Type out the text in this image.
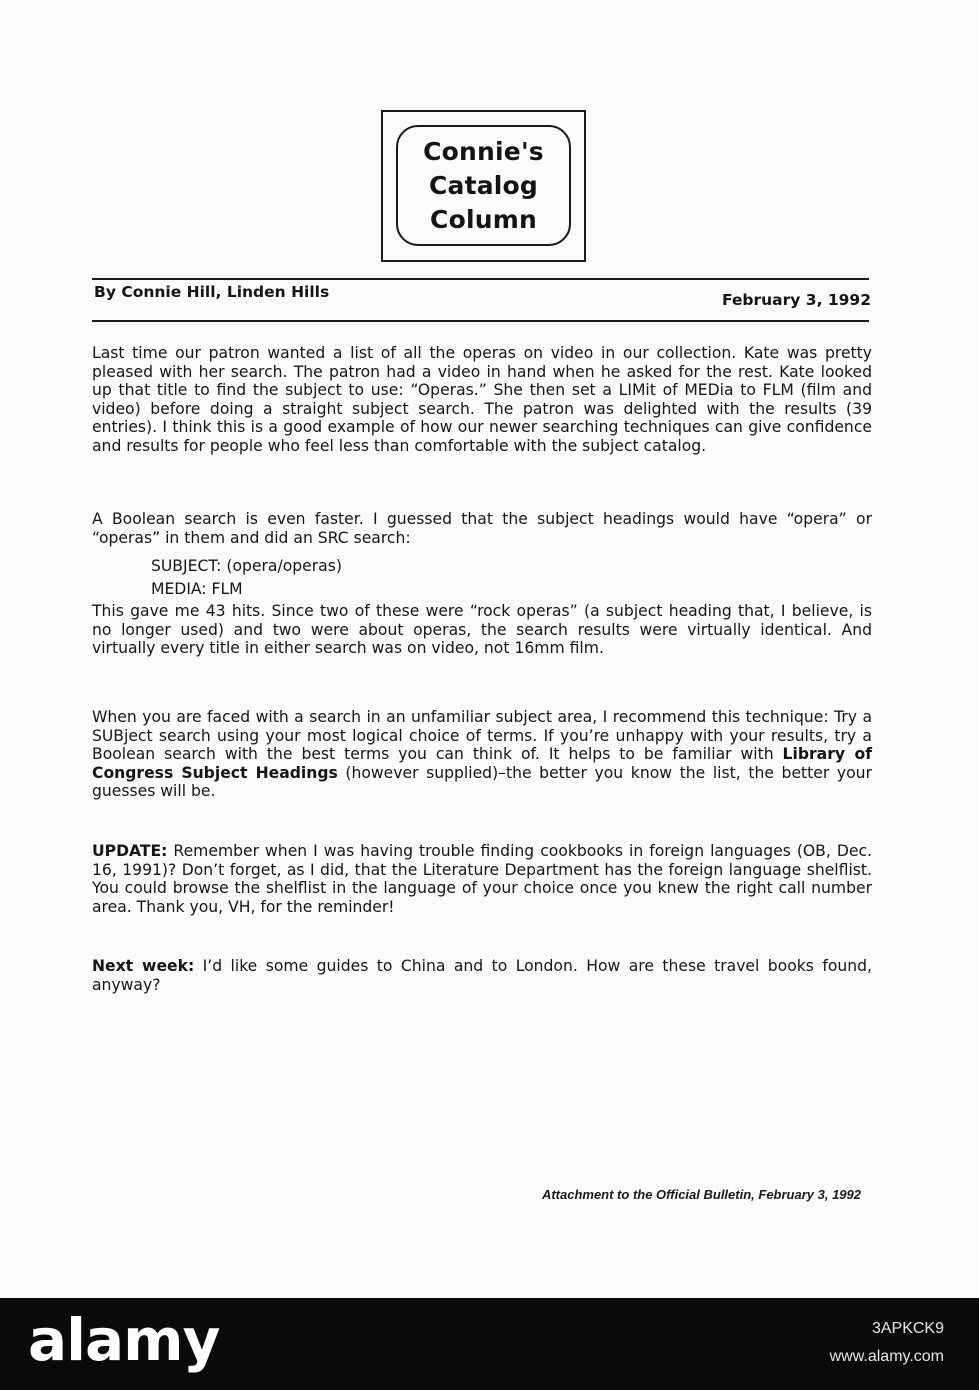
Connie's
Catalog
Column
By Connie Hill, Linden Hills	February 3, 1992

Last time our patron wanted a list of all the operas on video in our collection. Kate was pretty pleased with her search. The patron had a video in hand when he asked for the rest. Kate looked up that title to find the subject to use: “Operas.” She then set a LIMit of MEDia to FLM (film and video) before doing a straight subject search. The patron was delighted with the results (39 entries). I think this is a good example of how our newer searching techniques can give confidence and results for people who feel less than comfortable with the subject catalog.

A Boolean search is even faster. I guessed that the subject headings would have “opera” or “operas” in them and did an SRC search:

SUBJECT: (opera/operas)
MEDIA: FLM

This gave me 43 hits. Since two of these were “rock operas” (a subject heading that, I believe, is no longer used) and two were about operas, the search results were virtually identical. And virtually every title in either search was on video, not 16mm film.

When you are faced with a search in an unfamiliar subject area, I recommend this technique: Try a SUBject search using your most logical choice of terms. If you’re unhappy with your results, try a Boolean search with the best terms you can think of. It helps to be familiar with Library of Congress Subject Headings (however supplied)–the better you know the list, the better your guesses will be.

UPDATE: Remember when I was having trouble finding cookbooks in foreign languages (OB, Dec. 16, 1991)? Don’t forget, as I did, that the Literature Department has the foreign language shelflist. You could browse the shelflist in the language of your choice once you knew the right call number area. Thank you, VH, for the reminder!

Next week: I’d like some guides to China and to London. How are these travel books found, anyway?

Attachment to the Official Bulletin, February 3, 1992
alamy	3APKCK9
www.alamy.com
